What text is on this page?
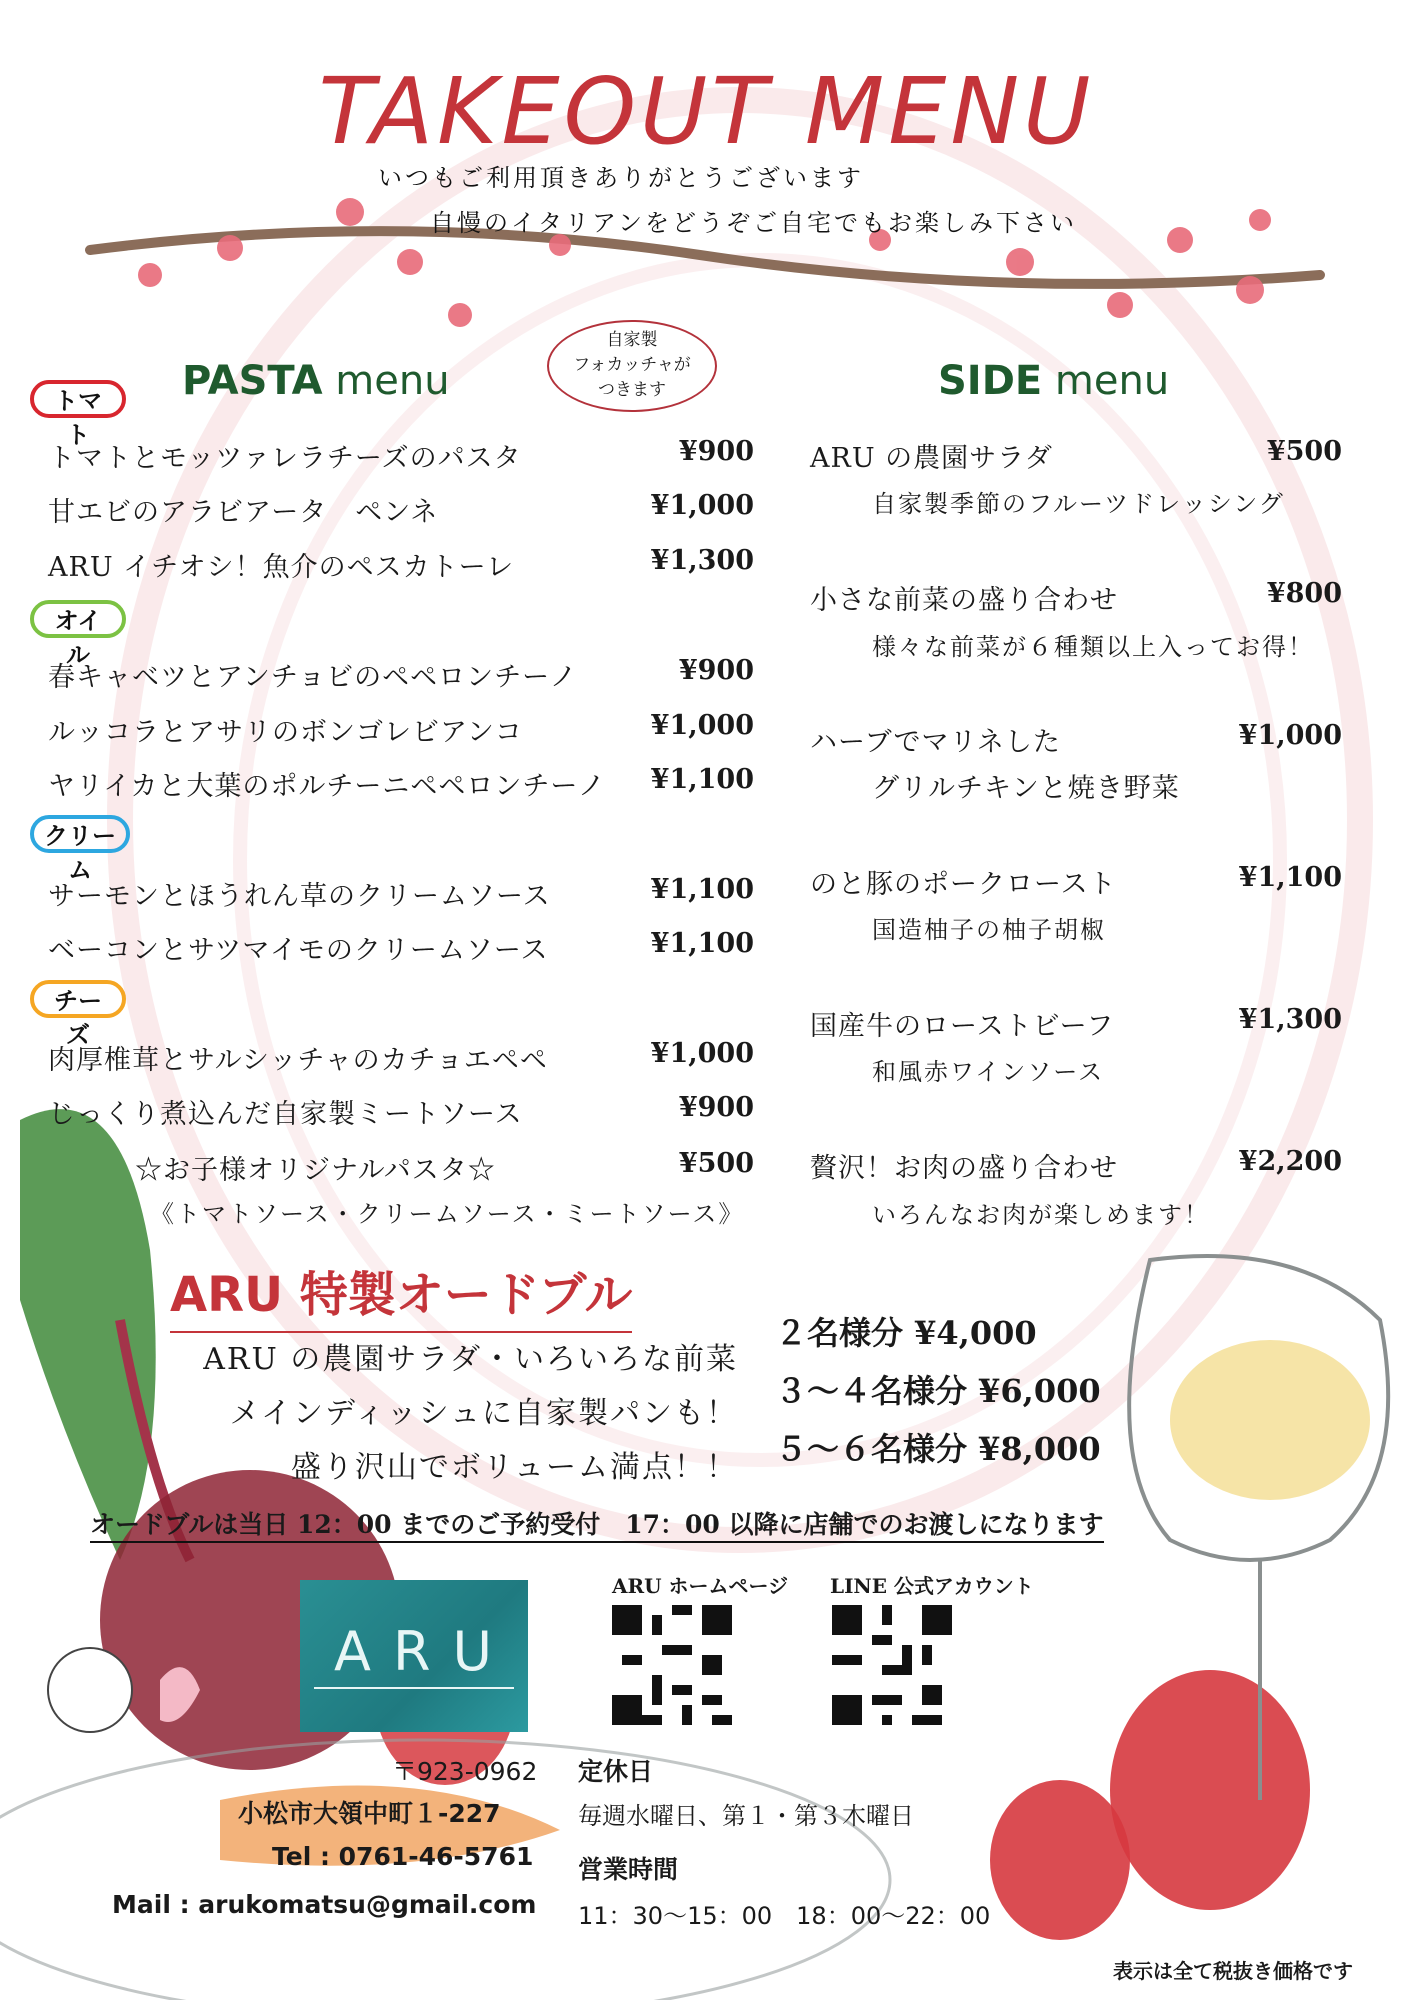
TAKEOUT MENU
いつもご利用頂きありがとうございます
自慢のイタリアンをどうぞご自宅でもお楽しみ下さい
PASTA menu
自家製
フォカッチャが
つきます	SIDE menu
トマト
トマトとモッツァレラチーズのパスタ	¥900
甘エビのアラビアータ　ペンネ	¥1,000
ARU イチオシ！魚介のペスカトーレ	¥1,300
オイル
春キャベツとアンチョビのペペロンチーノ	¥900
ルッコラとアサリのボンゴレビアンコ	¥1,000
ヤリイカと大葉のポルチーニペペロンチーノ	¥1,100
クリーム
サーモンとほうれん草のクリームソース	¥1,100
ベーコンとサツマイモのクリームソース	¥1,100
チーズ
肉厚椎茸とサルシッチャのカチョエペペ	¥1,000
じっくり煮込んだ自家製ミートソース	¥900
☆お子様オリジナルパスタ☆	¥500
《トマトソース・クリームソース・ミートソース》
ARU の農園サラダ	¥500
自家製季節のフルーツドレッシング
小さな前菜の盛り合わせ	¥800
様々な前菜が６種類以上入ってお得！
ハーブでマリネした	¥1,000
グリルチキンと焼き野菜
のと豚のポークロースト	¥1,100
国造柚子の柚子胡椒
国産牛のローストビーフ	¥1,300
和風赤ワインソース
贅沢！お肉の盛り合わせ	¥2,200
いろんなお肉が楽しめます！
ARU 特製オードブル
ARU の農園サラダ・いろいろな前菜
メインディッシュに自家製パンも！
盛り沢山でボリューム満点！！
２名様分 ¥4,000
３～４名様分 ¥6,000
５～６名様分 ¥8,000
オードブルは当日 12：00 までのご予約受付　17：00 以降に店舗でのお渡しになります
ARU
ARU ホームページ LINE 公式アカウント
〒923-0962
小松市大領中町１-227
Tel : 0761-46-5761
Mail : arukomatsu@gmail.com
定休日
毎週水曜日、第１・第３木曜日
営業時間
11：30～15：00　18：00～22：00
表示は全て税抜き価格です
